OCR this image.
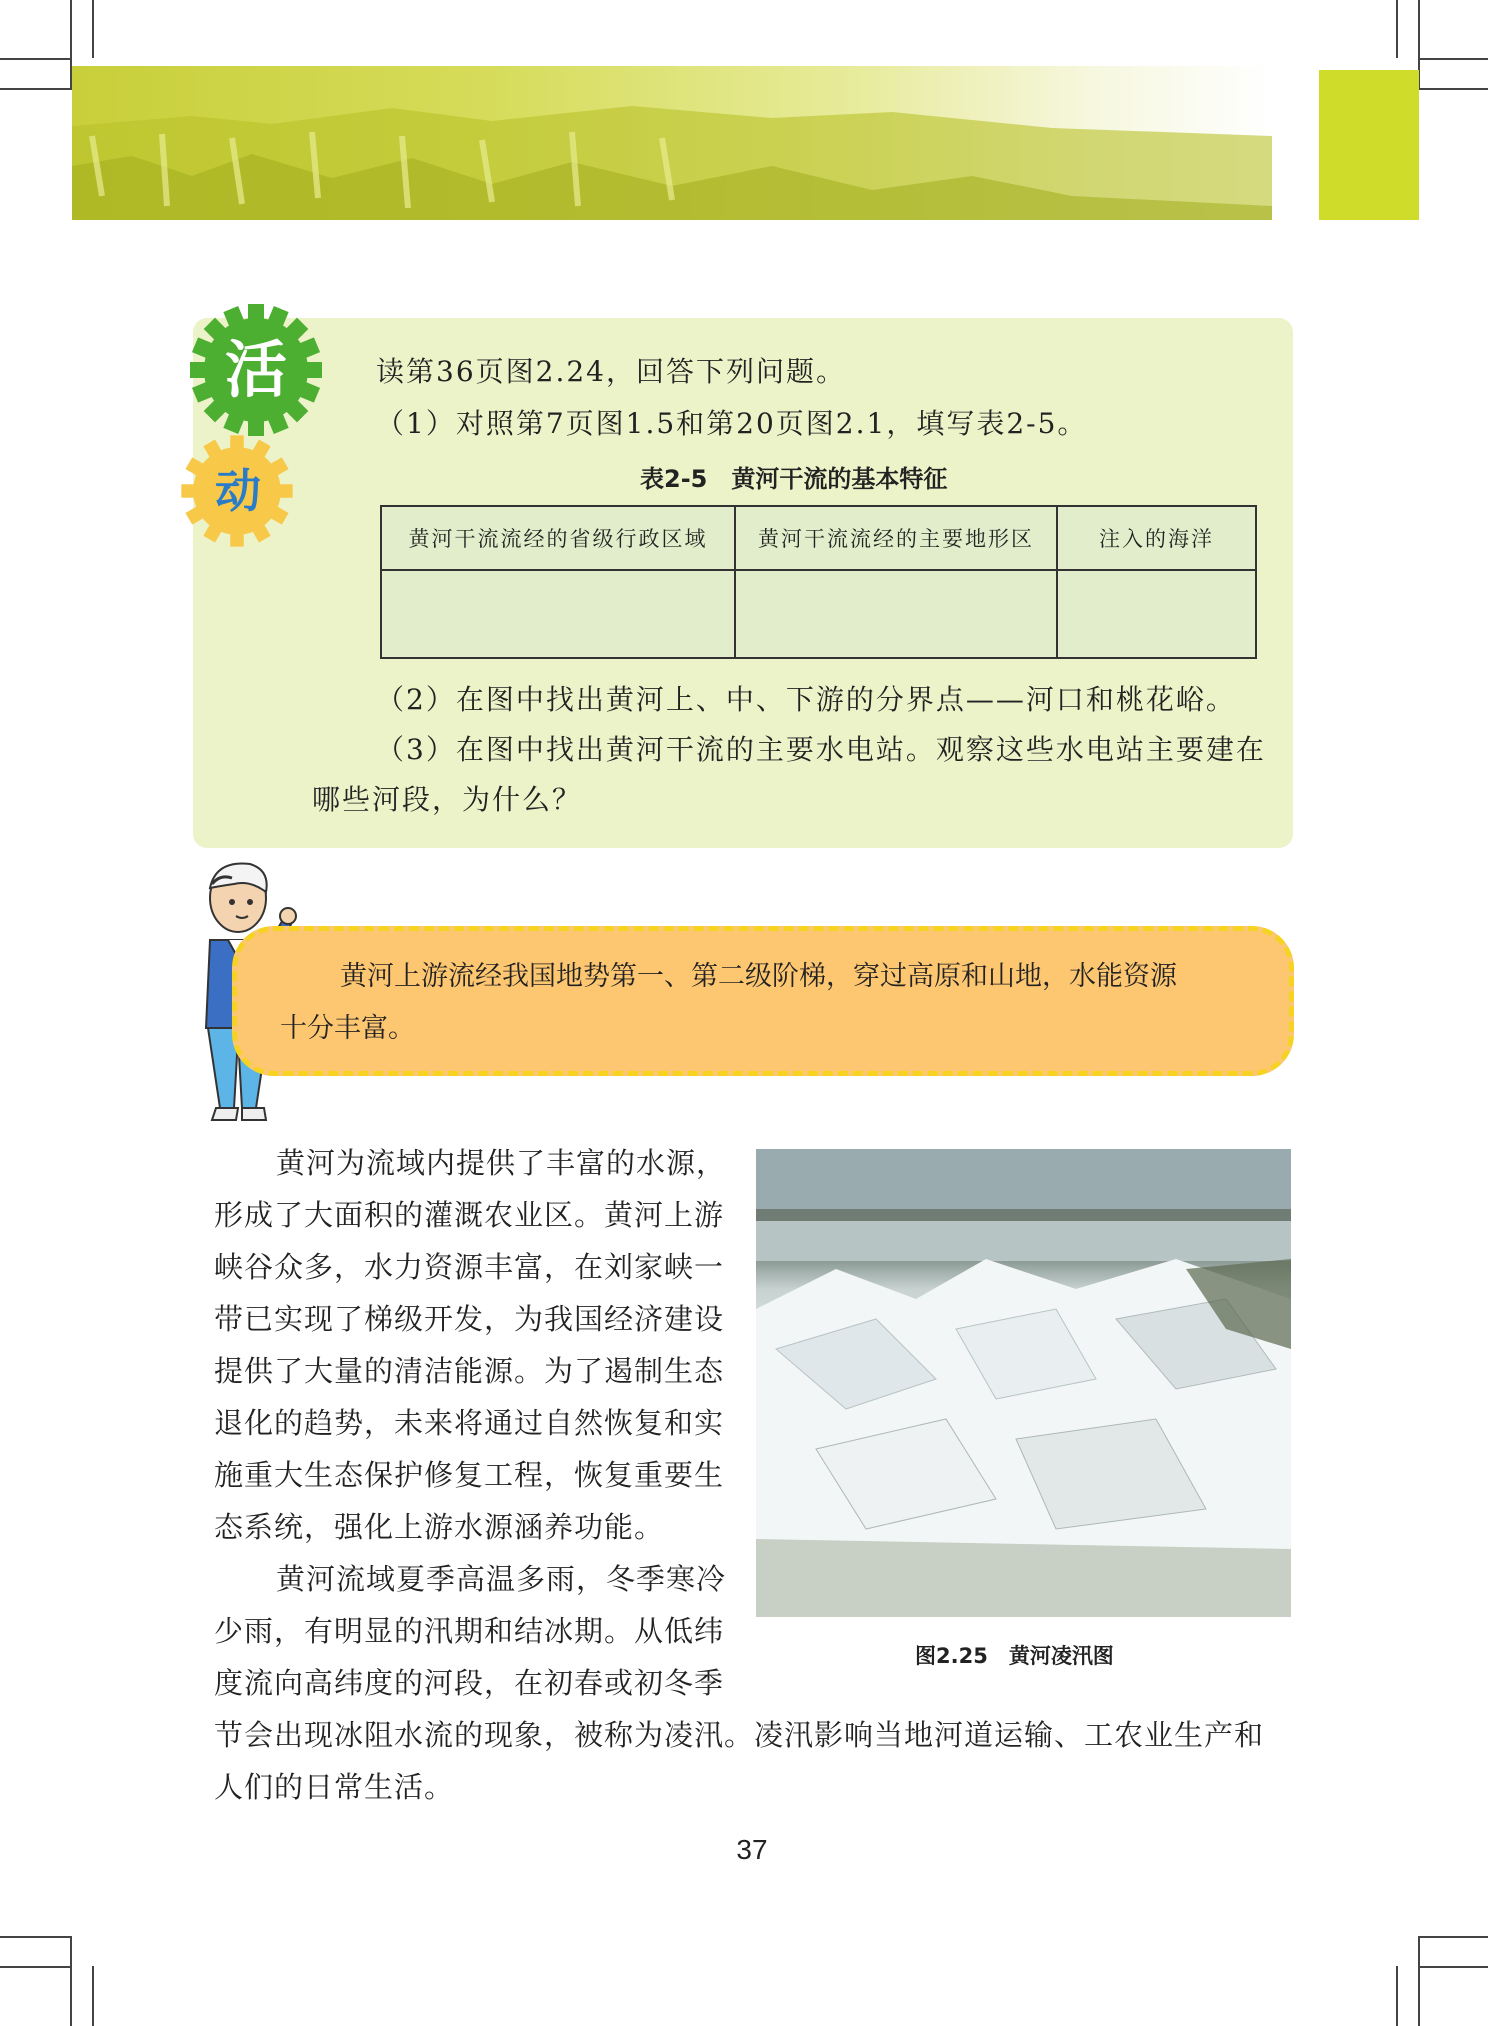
活
动
读第36页图2.24，回答下列问题。
（1）对照第7页图1.5和第20页图2.1，填写表2-5。
表2-5　黄河干流的基本特征
黄河干流流经的省级行政区域	黄河干流流经的主要地形区	注入的海洋

（2）在图中找出黄河上、中、下游的分界点——河口和桃花峪。
（3）在图中找出黄河干流的主要水电站。观察这些水电站主要建在
哪些河段，为什么？
黄河上游流经我国地势第一、第二级阶梯，穿过高原和山地，水能资源
十分丰富。
黄河为流域内提供了丰富的水源，
形成了大面积的灌溉农业区。黄河上游
峡谷众多，水力资源丰富，在刘家峡一
带已实现了梯级开发，为我国经济建设
提供了大量的清洁能源。为了遏制生态
退化的趋势，未来将通过自然恢复和实
施重大生态保护修复工程，恢复重要生
态系统，强化上游水源涵养功能。
黄河流域夏季高温多雨，冬季寒冷
少雨，有明显的汛期和结冰期。从低纬
度流向高纬度的河段，在初春或初冬季
节会出现冰阻水流的现象，被称为凌汛。凌汛影响当地河道运输、工农业生产和
人们的日常生活。
图2.25　黄河凌汛图
37
